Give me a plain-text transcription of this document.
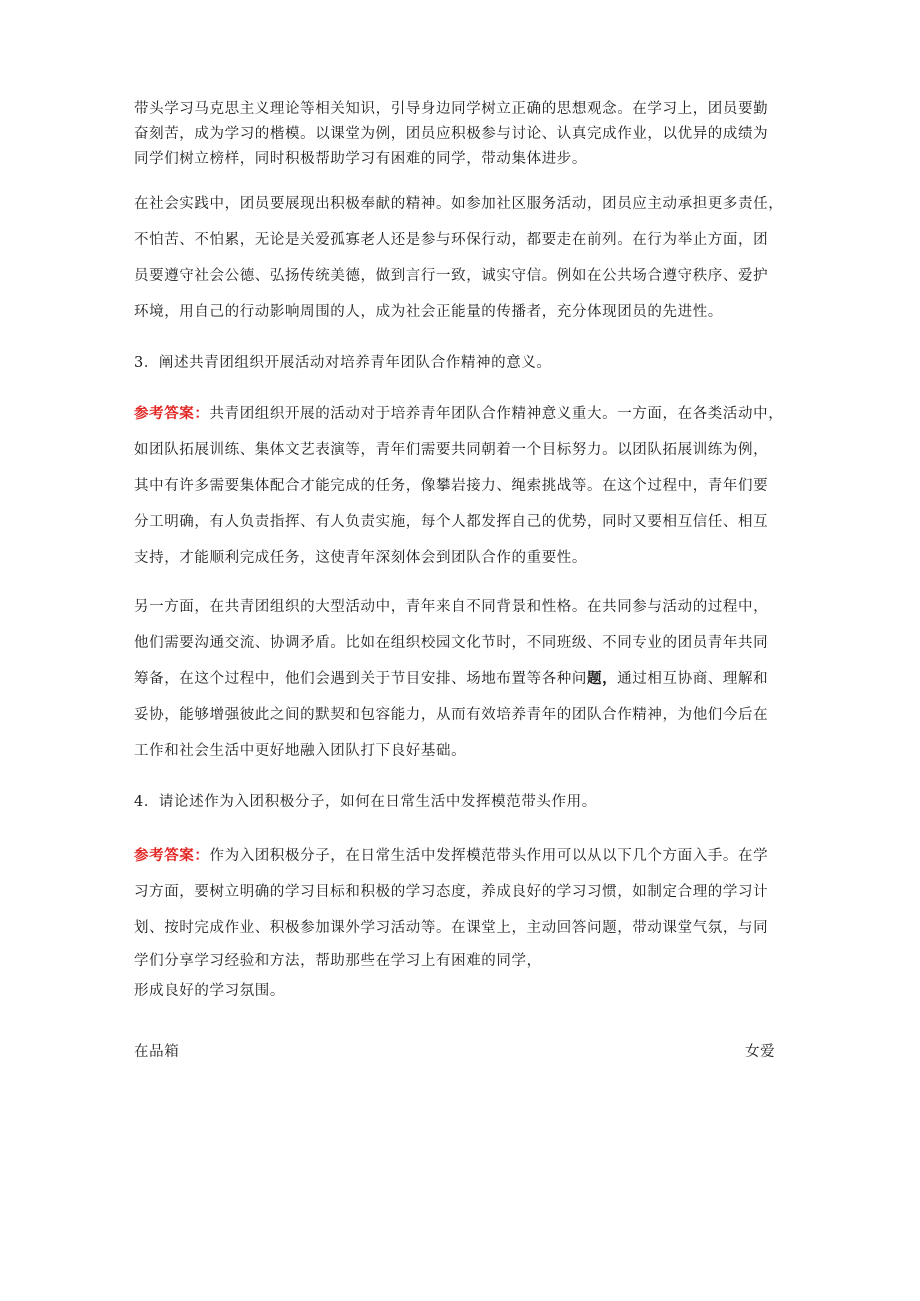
带头学习马克思主义理论等相关知识，引导身边同学树立正确的思想观念。在学习上，团员要勤
奋刻苦，成为学习的楷模。以课堂为例，团员应积极参与讨论、认真完成作业，以优异的成绩为
同学们树立榜样，同时积极帮助学习有困难的同学，带动集体进步。
在社会实践中，团员要展现出积极奉献的精神。如参加社区服务活动，团员应主动承担更多责任，
不怕苦、不怕累，无论是关爱孤寡老人还是参与环保行动，都要走在前列。在行为举止方面，团
员要遵守社会公德、弘扬传统美德，做到言行一致，诚实守信。例如在公共场合遵守秩序、爱护
环境，用自己的行动影响周围的人，成为社会正能量的传播者，充分体现团员的先进性。
3．阐述共青团组织开展活动对培养青年团队合作精神的意义。
参考答案：共青团组织开展的活动对于培养青年团队合作精神意义重大。一方面，在各类活动中，
如团队拓展训练、集体文艺表演等，青年们需要共同朝着一个目标努力。以团队拓展训练为例，
其中有许多需要集体配合才能完成的任务，像攀岩接力、绳索挑战等。在这个过程中，青年们要
分工明确，有人负责指挥、有人负责实施，每个人都发挥自己的优势，同时又要相互信任、相互
支持，才能顺利完成任务，这使青年深刻体会到团队合作的重要性。
另一方面，在共青团组织的大型活动中，青年来自不同背景和性格。在共同参与活动的过程中，
他们需要沟通交流、协调矛盾。比如在组织校园文化节时，不同班级、不同专业的团员青年共同
筹备，在这个过程中，他们会遇到关于节目安排、场地布置等各种问题，通过相互协商、理解和
妥协，能够增强彼此之间的默契和包容能力，从而有效培养青年的团队合作精神，为他们今后在
工作和社会生活中更好地融入团队打下良好基础。
4．请论述作为入团积极分子，如何在日常生活中发挥模范带头作用。
参考答案：作为入团积极分子，在日常生活中发挥模范带头作用可以从以下几个方面入手。在学
习方面，要树立明确的学习目标和积极的学习态度，养成良好的学习习惯，如制定合理的学习计
划、按时完成作业、积极参加课外学习活动等。在课堂上，主动回答问题，带动课堂气氛，与同
学们分享学习经验和方法，帮助那些在学习上有困难的同学，
形成良好的学习氛围。
在品箱	女爱
